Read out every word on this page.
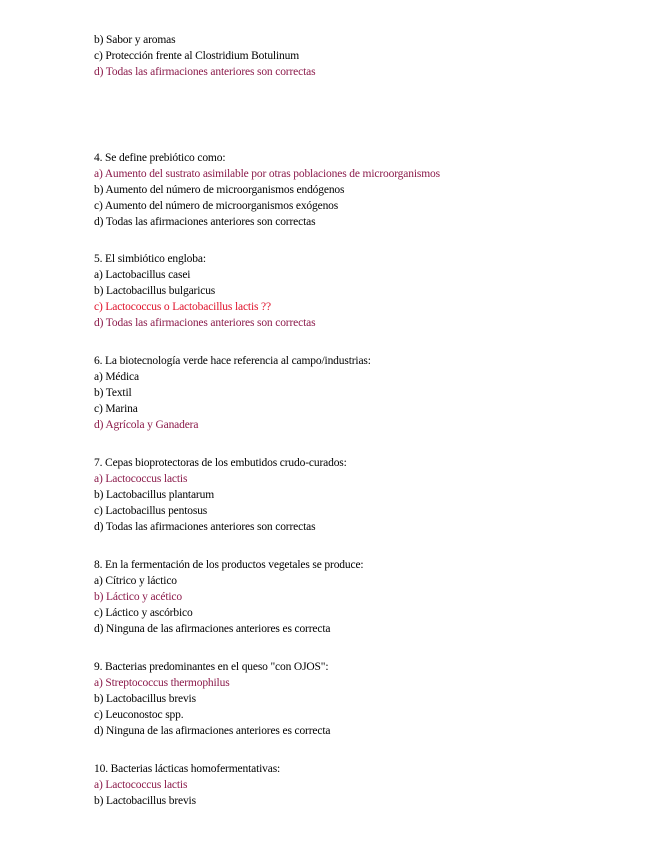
b) Sabor y aromas
c) Protección frente al Clostridium Botulinum
d) Todas las afirmaciones anteriores son correctas
4. Se define prebiótico como:
a) Aumento del sustrato asimilable por otras poblaciones de microorganismos
b) Aumento del número de microorganismos endógenos
c) Aumento del número de microorganismos exógenos
d) Todas las afirmaciones anteriores son correctas
5. El simbiótico engloba:
a) Lactobacillus casei
b) Lactobacillus bulgaricus
c) Lactococcus o Lactobacillus lactis ??
d) Todas las afirmaciones anteriores son correctas
6. La biotecnología verde hace referencia al campo/industrias:
a) Médica
b) Textil
c) Marina
d) Agrícola y Ganadera
7. Cepas bioprotectoras de los embutidos crudo-curados:
a) Lactococcus lactis
b) Lactobacillus plantarum
c) Lactobacillus pentosus
d) Todas las afirmaciones anteriores son correctas
8. En la fermentación de los productos vegetales se produce:
a) Cítrico y láctico
b) Láctico y acético
c) Láctico y ascórbico
d) Ninguna de las afirmaciones anteriores es correcta
9. Bacterias predominantes en el queso "con OJOS":
a) Streptococcus thermophilus
b) Lactobacillus brevis
c) Leuconostoc spp.
d) Ninguna de las afirmaciones anteriores es correcta
10. Bacterias lácticas homofermentativas:
a) Lactococcus lactis
b) Lactobacillus brevis
